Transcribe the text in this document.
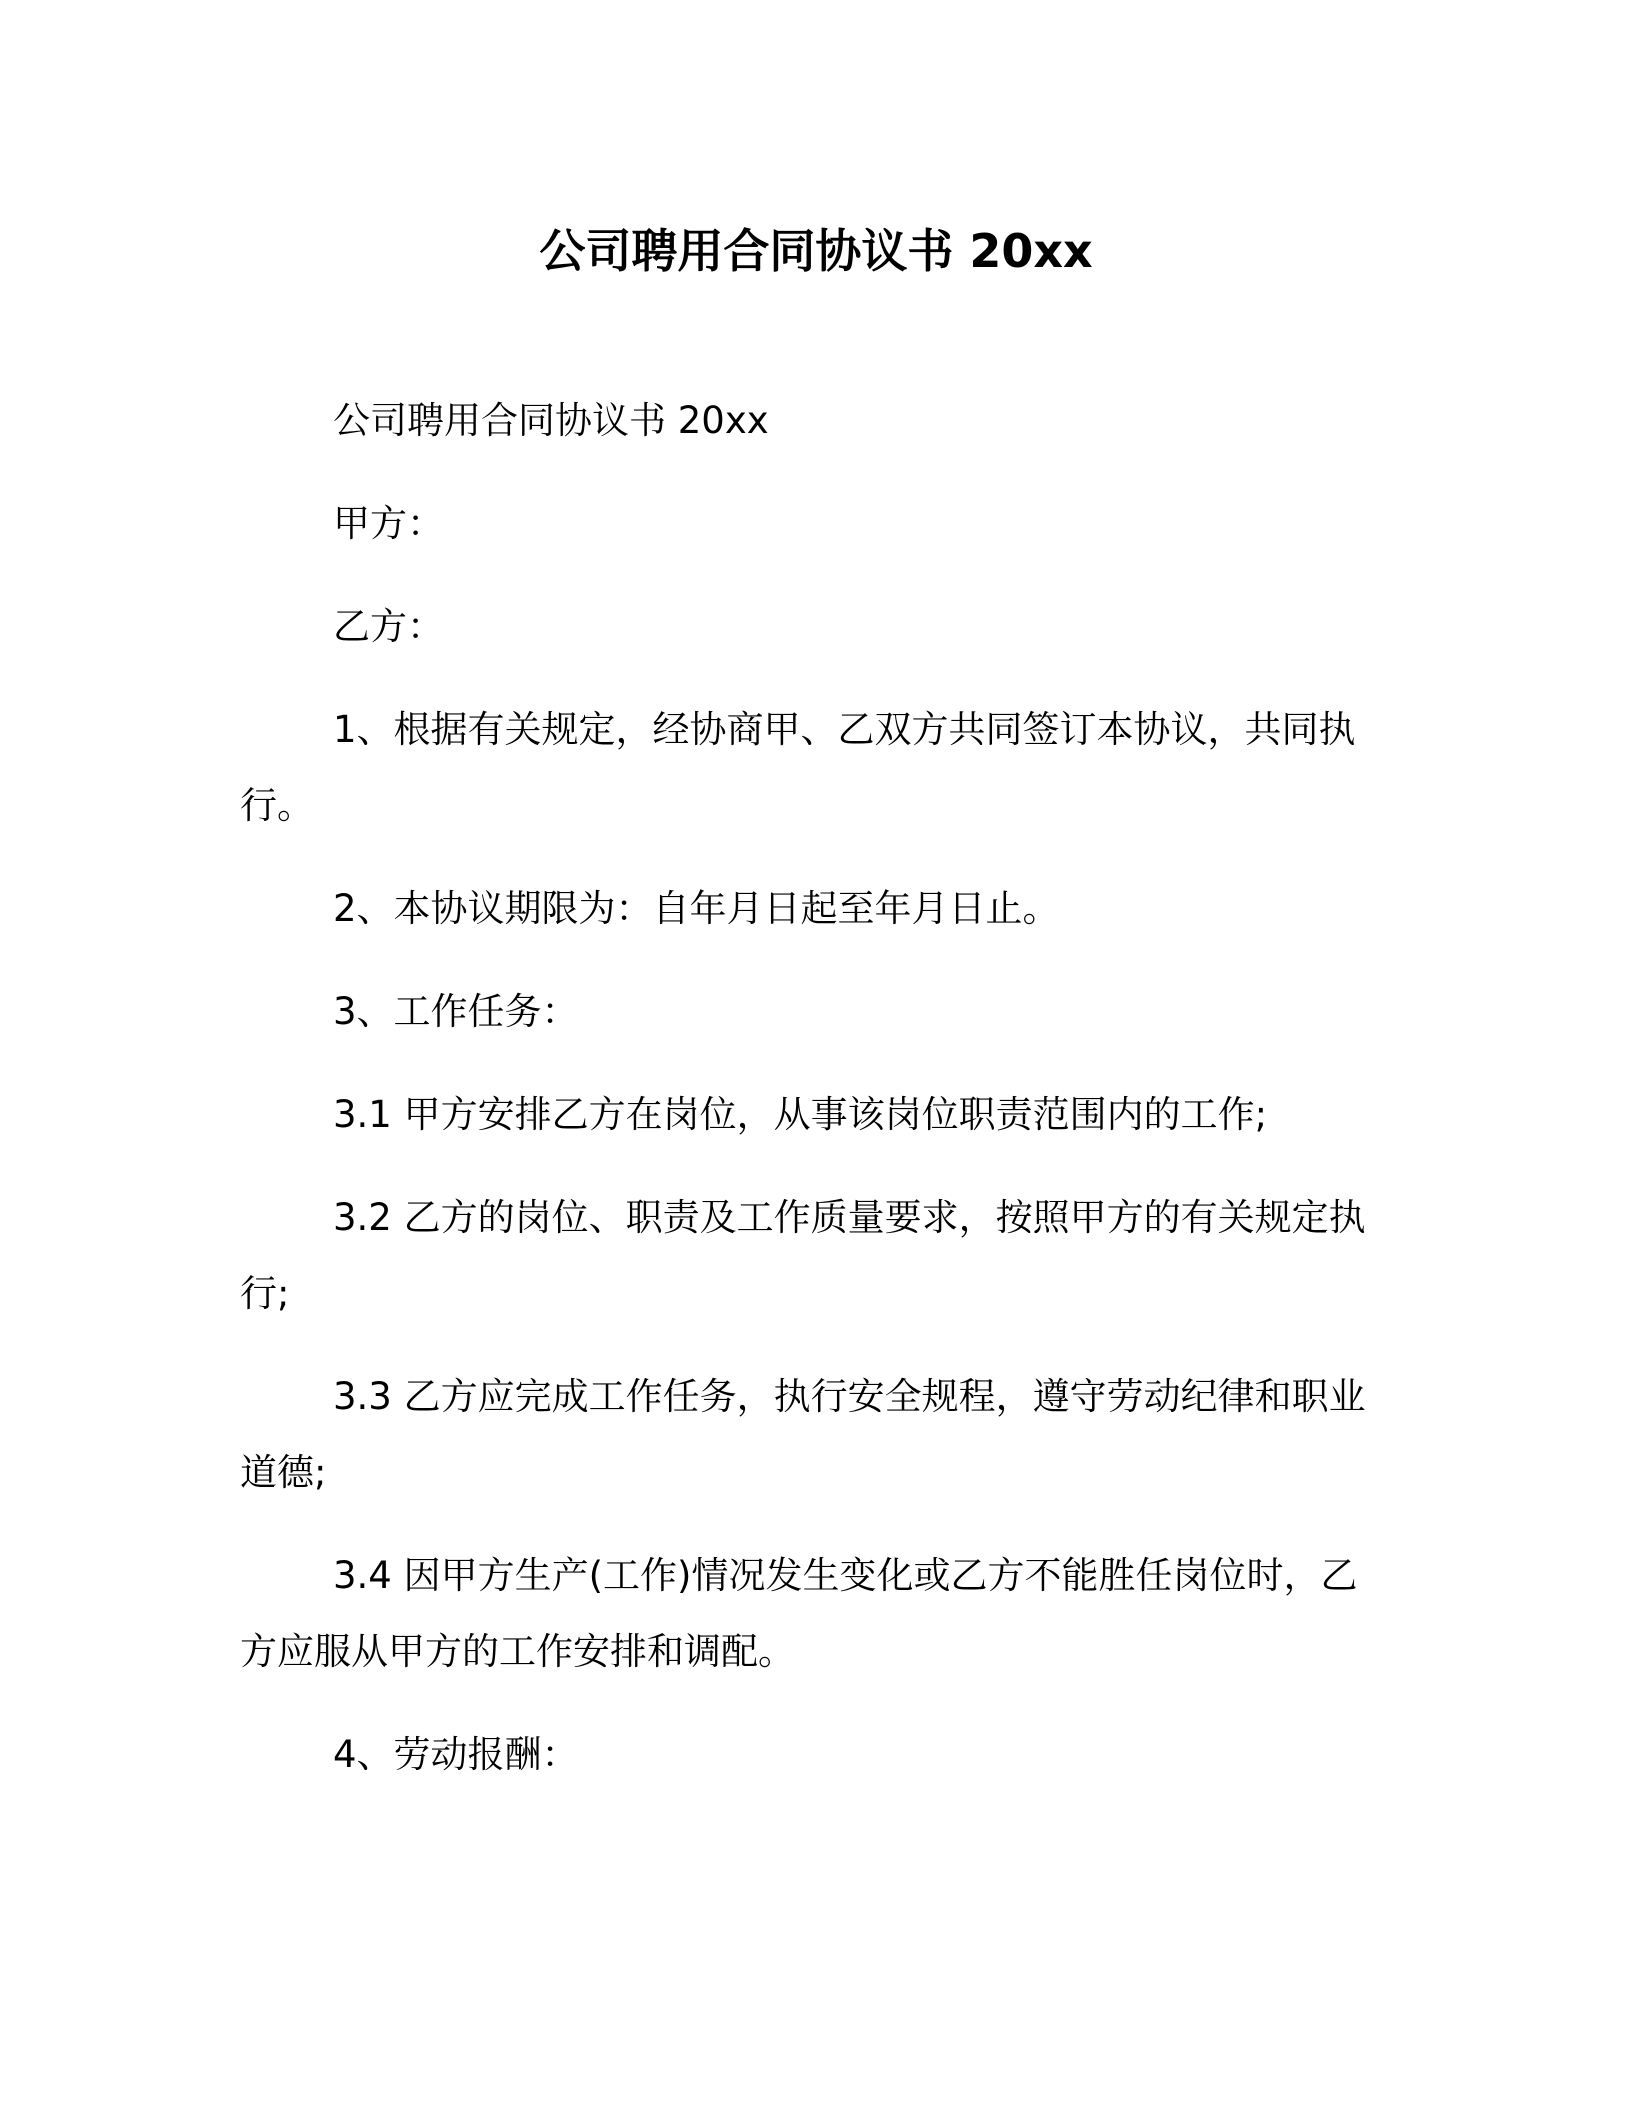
公司聘用合同协议书 20xx

公司聘用合同协议书 20xx

甲方：

乙方：

1、根据有关规定，经协商甲、乙双方共同签订本协议，共同执行。

2、本协议期限为：自年月日起至年月日止。

3、工作任务：

3.1 甲方安排乙方在岗位，从事该岗位职责范围内的工作;

3.2 乙方的岗位、职责及工作质量要求，按照甲方的有关规定执行;

3.3 乙方应完成工作任务，执行安全规程，遵守劳动纪律和职业道德;

3.4 因甲方生产(工作)情况发生变化或乙方不能胜任岗位时，乙方应服从甲方的工作安排和调配。

4、劳动报酬：
